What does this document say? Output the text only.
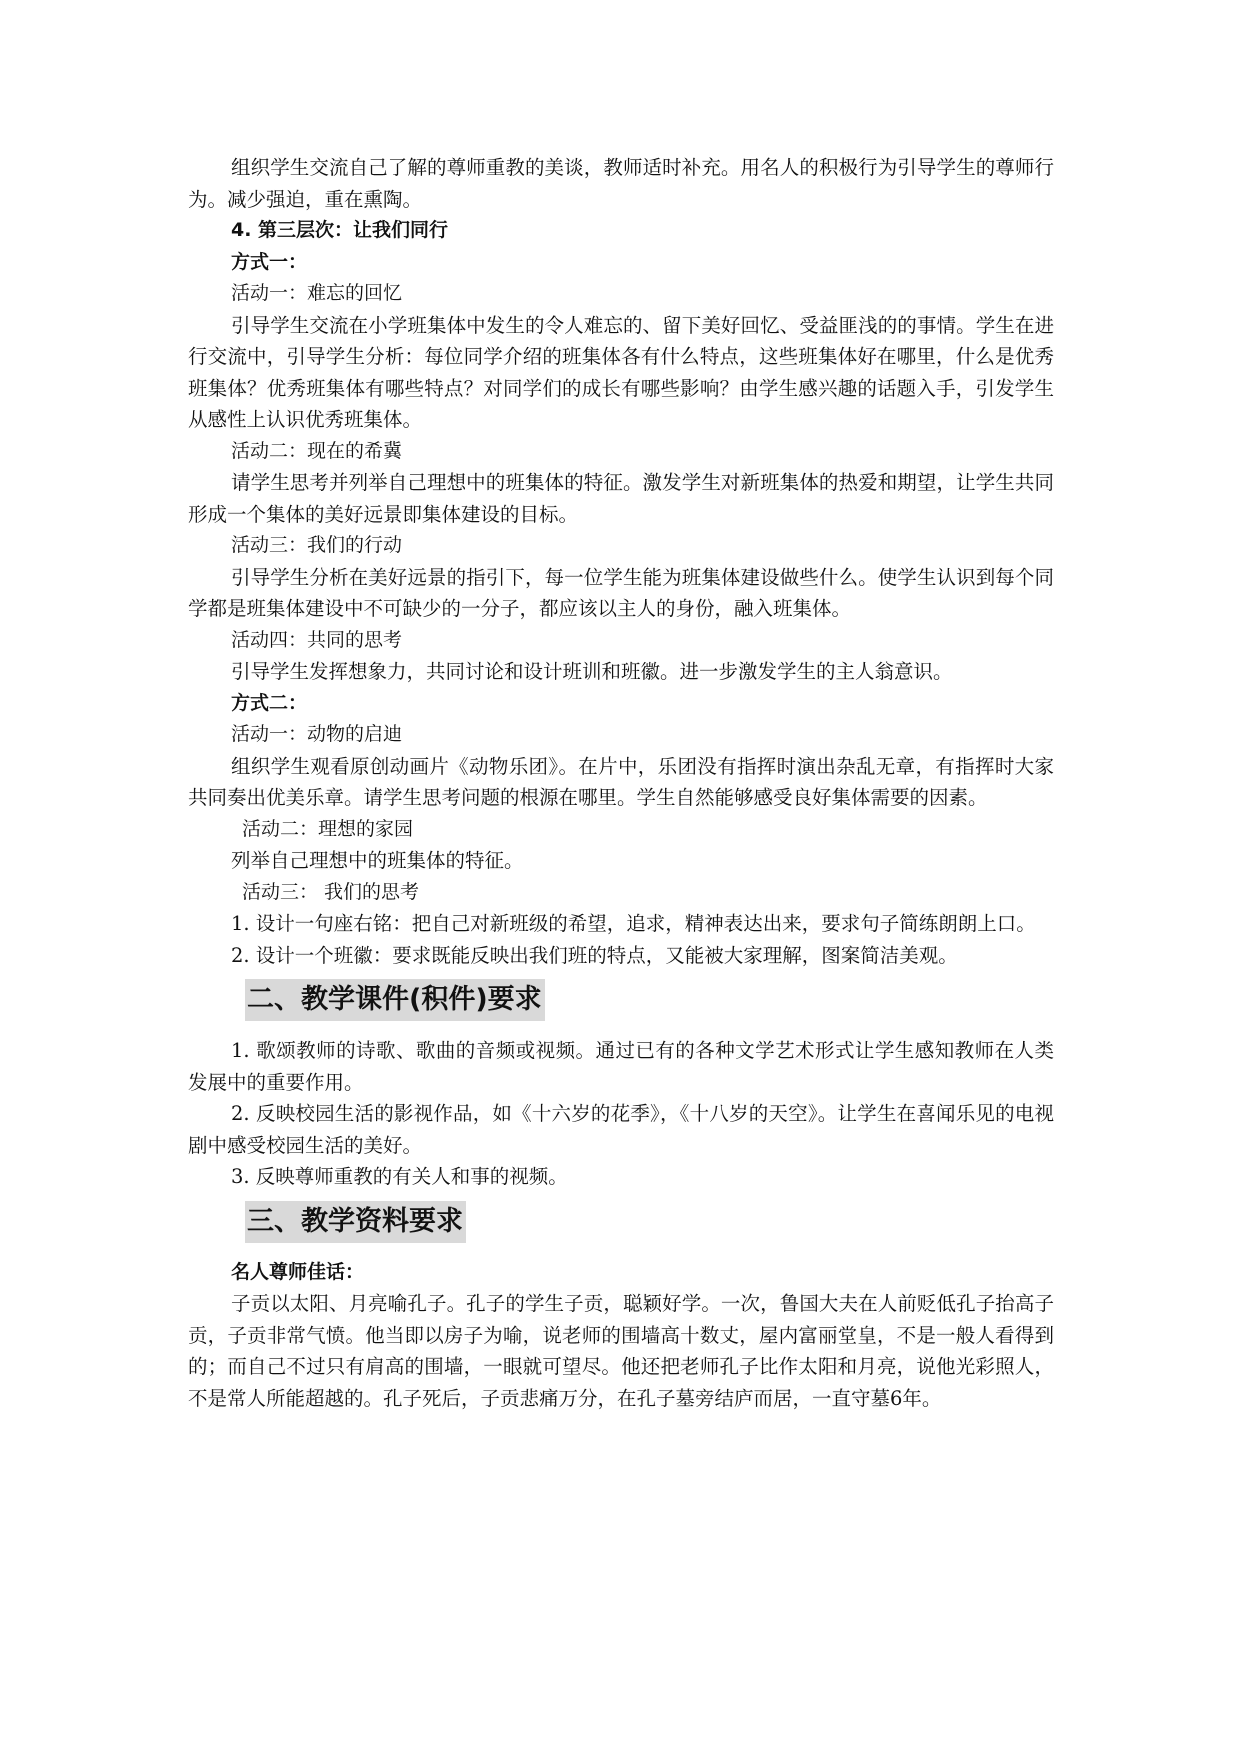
组织学生交流自己了解的尊师重教的美谈，教师适时补充。用名人的积极行为引导学生的尊师行为。减少强迫，重在熏陶。

4. 第三层次：让我们同行

方式一：

活动一：难忘的回忆

引导学生交流在小学班集体中发生的令人难忘的、留下美好回忆、受益匪浅的的事情。学生在进行交流中，引导学生分析：每位同学介绍的班集体各有什么特点，这些班集体好在哪里，什么是优秀班集体？优秀班集体有哪些特点？对同学们的成长有哪些影响？由学生感兴趣的话题入手，引发学生从感性上认识优秀班集体。

活动二：现在的希冀

请学生思考并列举自己理想中的班集体的特征。激发学生对新班集体的热爱和期望，让学生共同形成一个集体的美好远景即集体建设的目标。

活动三：我们的行动

引导学生分析在美好远景的指引下，每一位学生能为班集体建设做些什么。使学生认识到每个同学都是班集体建设中不可缺少的一分子，都应该以主人的身份，融入班集体。

活动四：共同的思考

引导学生发挥想象力，共同讨论和设计班训和班徽。进一步激发学生的主人翁意识。

方式二：

活动一：动物的启迪

组织学生观看原创动画片《动物乐团》。在片中，乐团没有指挥时演出杂乱无章，有指挥时大家共同奏出优美乐章。请学生思考问题的根源在哪里。学生自然能够感受良好集体需要的因素。

活动二：理想的家园

列举自己理想中的班集体的特征。

活动三： 我们的思考

1. 设计一句座右铭：把自己对新班级的希望，追求，精神表达出来，要求句子简练朗朗上口。

2. 设计一个班徽：要求既能反映出我们班的特点，又能被大家理解，图案简洁美观。

二、教学课件(积件)要求

1. 歌颂教师的诗歌、歌曲的音频或视频。通过已有的各种文学艺术形式让学生感知教师在人类发展中的重要作用。

2. 反映校园生活的影视作品，如《十六岁的花季》，《十八岁的天空》。让学生在喜闻乐见的电视剧中感受校园生活的美好。

3. 反映尊师重教的有关人和事的视频。

三、教学资料要求

名人尊师佳话：

子贡以太阳、月亮喻孔子。孔子的学生子贡，聪颖好学。一次，鲁国大夫在人前贬低孔子抬高子贡，子贡非常气愤。他当即以房子为喻，说老师的围墙高十数丈，屋内富丽堂皇，不是一般人看得到的；而自己不过只有肩高的围墙，一眼就可望尽。他还把老师孔子比作太阳和月亮，说他光彩照人，不是常人所能超越的。孔子死后，子贡悲痛万分，在孔子墓旁结庐而居，一直守墓6年。
